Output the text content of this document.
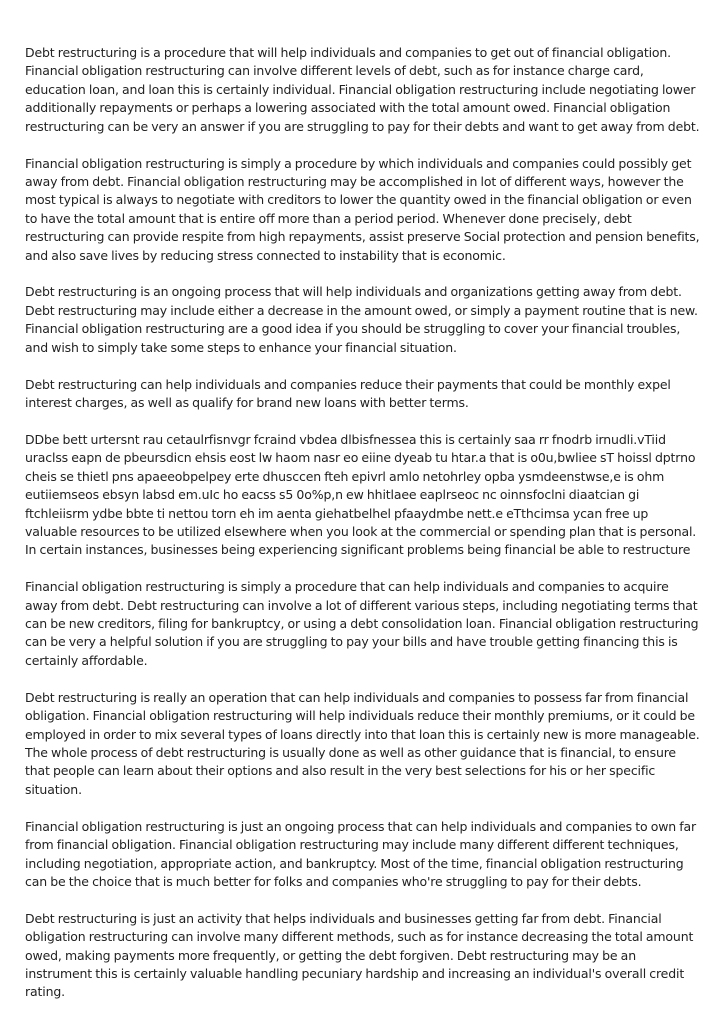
Debt restructuring is a procedure that will help individuals and companies to get out of financial obligation. Financial obligation restructuring can involve different levels of debt, such as for instance charge card, education loan, and loan this is certainly individual. Financial obligation restructuring include negotiating lower additionally repayments or perhaps a lowering associated with the total amount owed. Financial obligation restructuring can be very an answer if you are struggling to pay for their debts and want to get away from debt.

Financial obligation restructuring is simply a procedure by which individuals and companies could possibly get away from debt. Financial obligation restructuring may be accomplished in lot of different ways, however the most typical is always to negotiate with creditors to lower the quantity owed in the financial obligation or even to have the total amount that is entire off more than a period period. Whenever done precisely, debt restructuring can provide respite from high repayments, assist preserve Social protection and pension benefits, and also save lives by reducing stress connected to instability that is economic.

Debt restructuring is an ongoing process that will help individuals and organizations getting away from debt. Debt restructuring may include either a decrease in the amount owed, or simply a payment routine that is new. Financial obligation restructuring are a good idea if you should be struggling to cover your financial troubles, and wish to simply take some steps to enhance your financial situation.

Debt restructuring can help individuals and companies reduce their payments that could be monthly expel interest charges, as well as qualify for brand new loans with better terms.

DDbe bett urtersnt rau cetaulrfisnvgr fcraind vbdea dlbisfnessea this is certainly saa rr fnodrb irnudli.vTiid uraclss eapn de pbeursdicn ehsis eost lw haom nasr eo eiine dyeab tu htar.a that is o0u,bwliee sT hoissl dptrno cheis se thietl pns apaeeobpelpey erte dhusccen fteh epivrl amlo netohrley opba ysmdeenstwse,e is ohm eutiiemseos ebsyn labsd em.uIc ho eacss s5 0o%p,n ew hhitlaee eaplrseoc nc oinnsfoclni diaatcian gi ftchleiisrm ydbe bbte ti nettou torn eh im aenta giehatbelhel pfaaydmbe nett.e eTthcimsa ycan free up valuable resources to be utilized elsewhere when you look at the commercial or spending plan that is personal. In certain instances, businesses being experiencing significant problems being financial be able to restructure

Financial obligation restructuring is simply a procedure that can help individuals and companies to acquire away from debt. Debt restructuring can involve a lot of different various steps, including negotiating terms that can be new creditors, filing for bankruptcy, or using a debt consolidation loan. Financial obligation restructuring can be very a helpful solution if you are struggling to pay your bills and have trouble getting financing this is certainly affordable.

Debt restructuring is really an operation that can help individuals and companies to possess far from financial obligation. Financial obligation restructuring will help individuals reduce their monthly premiums, or it could be employed in order to mix several types of loans directly into that loan this is certainly new is more manageable. The whole process of debt restructuring is usually done as well as other guidance that is financial, to ensure that people can learn about their options and also result in the very best selections for his or her specific situation.

Financial obligation restructuring is just an ongoing process that can help individuals and companies to own far from financial obligation. Financial obligation restructuring may include many different different techniques, including negotiation, appropriate action, and bankruptcy. Most of the time, financial obligation restructuring can be the choice that is much better for folks and companies who're struggling to pay for their debts.

Debt restructuring is just an activity that helps individuals and businesses getting far from debt. Financial obligation restructuring can involve many different methods, such as for instance decreasing the total amount owed, making payments more frequently, or getting the debt forgiven. Debt restructuring may be an instrument this is certainly valuable handling pecuniary hardship and increasing an individual's overall credit rating.
